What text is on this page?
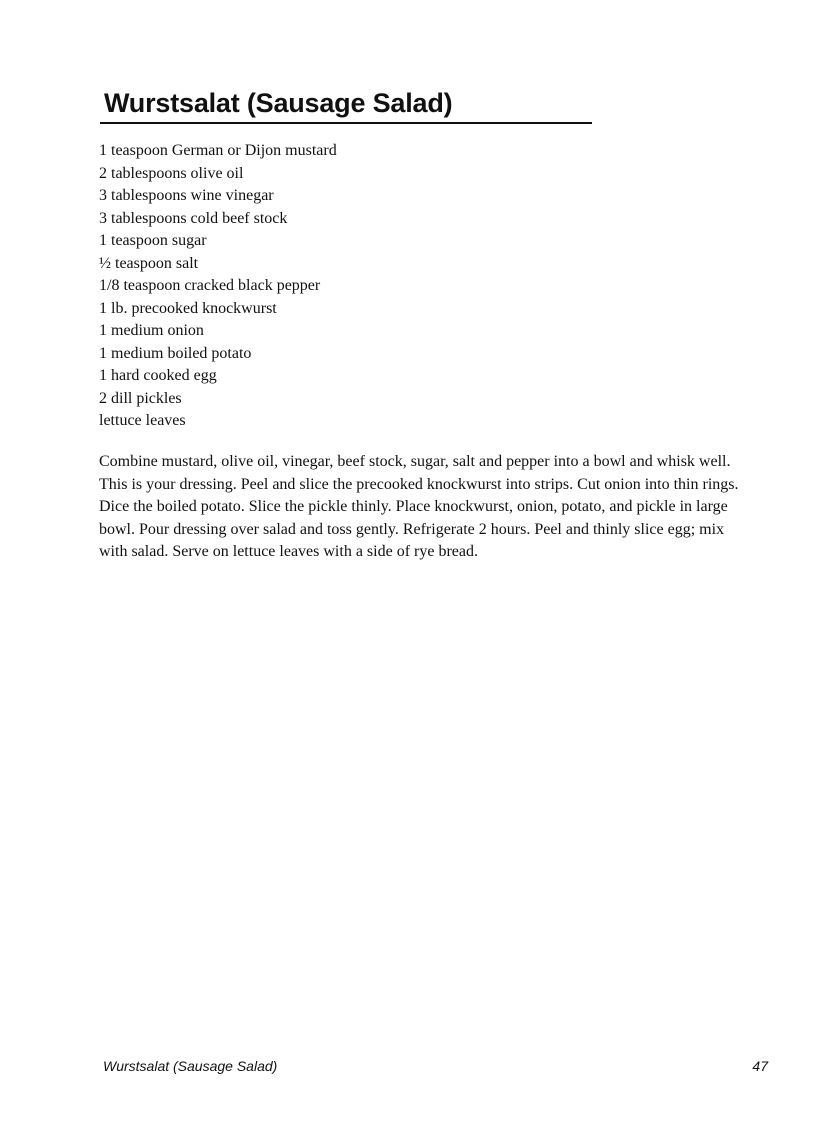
Wurstsalat (Sausage Salad)
1 teaspoon German or Dijon mustard
2 tablespoons olive oil
3 tablespoons wine vinegar
3 tablespoons cold beef stock
1 teaspoon sugar
½ teaspoon salt
1/8 teaspoon cracked black pepper
1 lb. precooked knockwurst
1 medium onion
1 medium boiled potato
1 hard cooked egg
2 dill pickles
lettuce leaves

Combine mustard, olive oil, vinegar, beef stock, sugar, salt and pepper into a bowl and whisk well. This is your dressing. Peel and slice the precooked knockwurst into strips. Cut onion into thin rings. Dice the boiled potato. Slice the pickle thinly. Place knockwurst, onion, potato, and pickle in large bowl. Pour dressing over salad and toss gently. Refrigerate 2 hours. Peel and thinly slice egg; mix with salad. Serve on lettuce leaves with a side of rye bread.

Wurstsalat (Sausage Salad)	47
